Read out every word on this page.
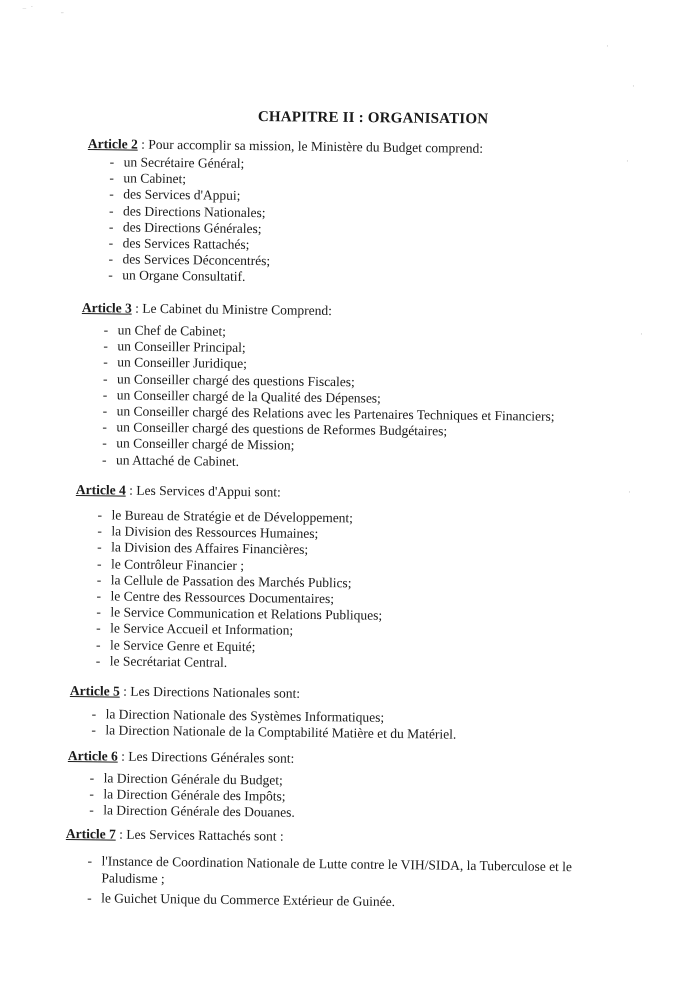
⁻ ˙
ˉ
·
·
·
·
·
CHAPITRE II : ORGANISATION

Article 2 : Pour accomplir sa mission, le Ministère du Budget comprend:

- un Secrétaire Général;
- un Cabinet;
- des Services d'Appui;
- des Directions Nationales;
- des Directions Générales;
- des Services Rattachés;
- des Services Déconcentrés;
- un Organe Consultatif.

Article 3 : Le Cabinet du Ministre Comprend:

- un Chef de Cabinet;
- un Conseiller Principal;
- un Conseiller Juridique;
- un Conseiller chargé des questions Fiscales;
- un Conseiller chargé de la Qualité des Dépenses;
- un Conseiller chargé des Relations avec les Partenaires Techniques et Financiers;
- un Conseiller chargé des questions de Reformes Budgétaires;
- un Conseiller chargé de Mission;
- un Attaché de Cabinet.

Article 4 : Les Services d'Appui sont:

- le Bureau de Stratégie et de Développement;
- la Division des Ressources Humaines;
- la Division des Affaires Financières;
- le Contrôleur Financier ;
- la Cellule de Passation des Marchés Publics;
- le Centre des Ressources Documentaires;
- le Service Communication et Relations Publiques;
- le Service Accueil et Information;
- le Service Genre et Equité;
- le Secrétariat Central.

Article 5 : Les Directions Nationales sont:

- la Direction Nationale des Systèmes Informatiques;
- la Direction Nationale de la Comptabilité Matière et du Matériel.

Article 6 : Les Directions Générales sont:

- la Direction Générale du Budget;
- la Direction Générale des Impôts;
- la Direction Générale des Douanes.

Article 7 : Les Services Rattachés sont :

- l'Instance de Coordination Nationale de Lutte contre le VIH/SIDA, la Tuberculose et le Paludisme ;
- le Guichet Unique du Commerce Extérieur de Guinée.
